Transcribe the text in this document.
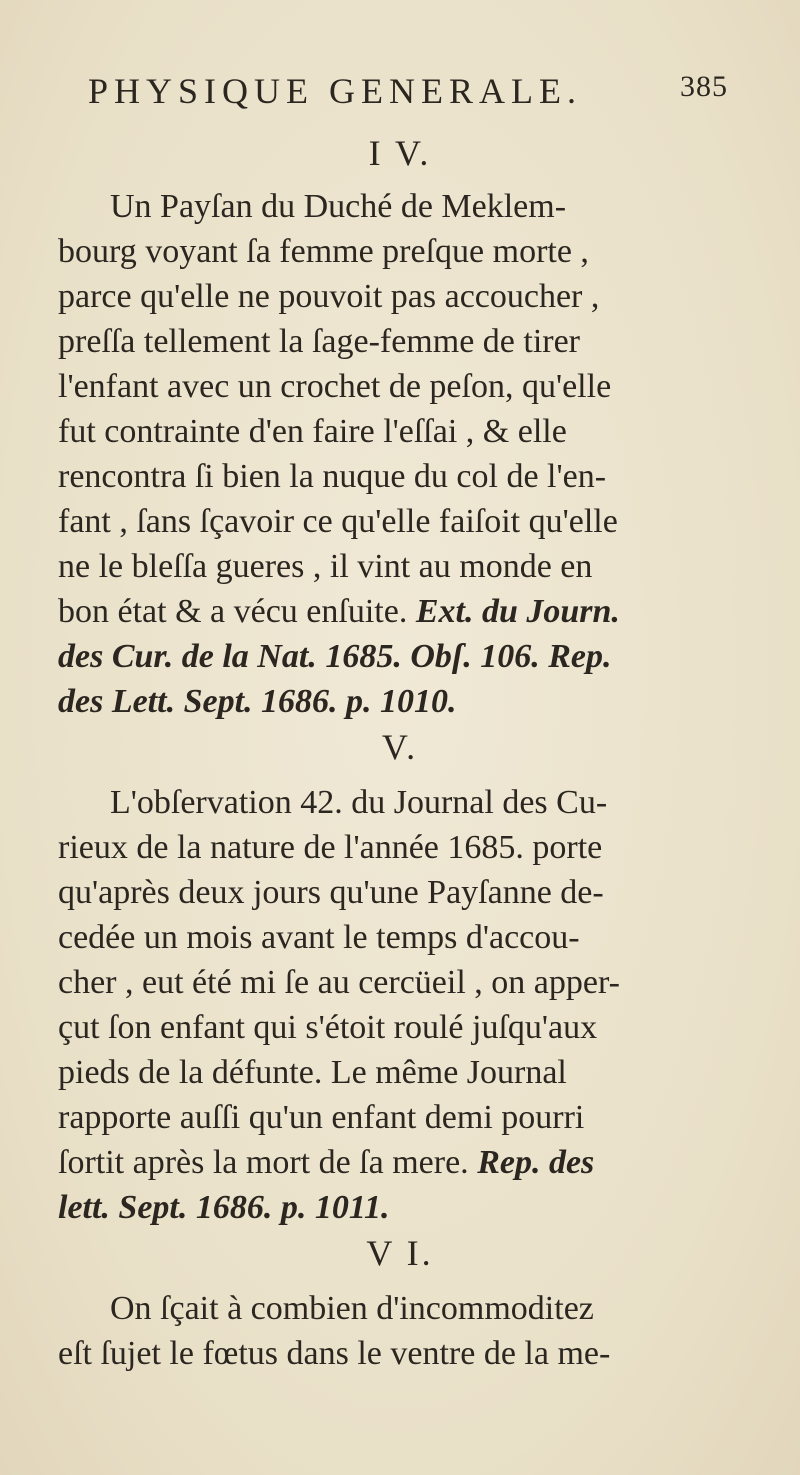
PHYSIQUE GENERALE.	385
I V.
Un Payſan du Duché de Meklem-
bourg voyant ſa femme preſque morte ,
parce qu'elle ne pouvoit pas accoucher ,
preſſa tellement la ſage-femme de tirer
l'enfant avec un crochet de peſon, qu'elle
fut contrainte d'en faire l'eſſai , & elle
rencontra ſi bien la nuque du col de l'en-
fant , ſans ſçavoir ce qu'elle faiſoit qu'elle
ne le bleſſa gueres , il vint au monde en
bon état & a vécu enſuite. Ext. du Journ.
des Cur. de la Nat. 1685. Obſ. 106. Rep.
des Lett. Sept. 1686. p. 1010.
V.
L'obſervation 42. du Journal des Cu-
rieux de la nature de l'année 1685. porte
qu'après deux jours qu'une Payſanne de-
cedée un mois avant le temps d'accou-
cher , eut été mi ſe au cercüeil , on apper-
çut ſon enfant qui s'étoit roulé juſqu'aux
pieds de la défunte. Le même Journal
rapporte auſſi qu'un enfant demi pourri
ſortit après la mort de ſa mere. Rep. des
lett. Sept. 1686. p. 1011.
V I.
On ſçait à combien d'incommoditez
eſt ſujet le fœtus dans le ventre de la me-
